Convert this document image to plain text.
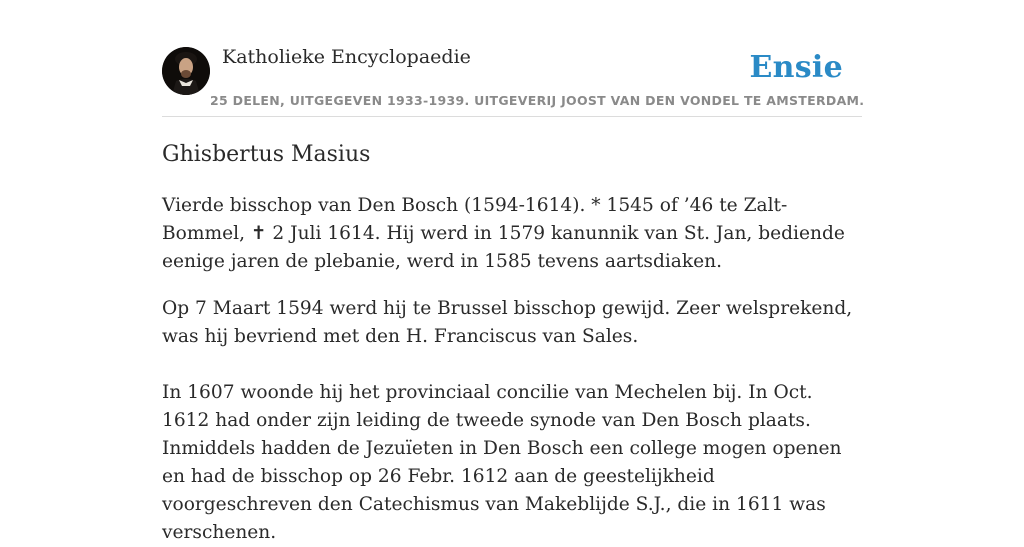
Katholieke Encyclopaedie	Ensie
25 DELEN, UITGEGEVEN 1933-1939. UITGEVERIJ JOOST VAN DEN VONDEL TE AMSTERDAM.
Ghisbertus Masius

Vierde bisschop van Den Bosch (1594-1614). * 1545 of ’46 te Zalt-Bommel, ✝ 2 Juli 1614. Hij werd in 1579 kanunnik van St. Jan, bediende eenige jaren de plebanie, werd in 1585 tevens aartsdiaken.

Op 7 Maart 1594 werd hij te Brussel bisschop gewijd. Zeer welsprekend, was hij bevriend met den H. Franciscus van Sales.

In 1607 woonde hij het provinciaal concilie van Mechelen bij. In Oct. 1612 had onder zijn leiding de tweede synode van Den Bosch plaats. Inmiddels hadden de Jezuïeten in Den Bosch een college mogen openen en had de bisschop op 26 Febr. 1612 aan de geestelijkheid voorgeschreven den Catechismus van Makeblijde S.J., die in 1611 was verschenen.
